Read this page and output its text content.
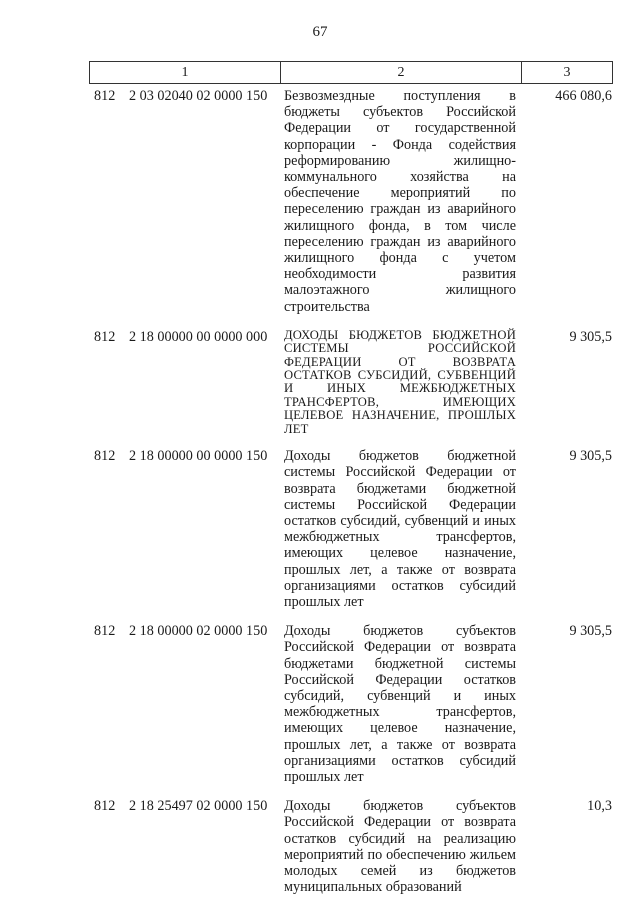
67
1	2	3
812 2 03 02040 02 0000 150 Безвозмездные поступления в бюджеты субъектов Российской Федерации от государственной корпорации - Фонда содействия реформированию жилищно-коммунального хозяйства на обеспечение мероприятий по переселению граждан из аварийного жилищного фонда, в том числе переселению граждан из аварийного жилищного фонда с учетом необходимости развития малоэтажного жилищного строительства
466 080,6
812 2 18 00000 00 0000 000 ДОХОДЫ БЮДЖЕТОВ БЮДЖЕТНОЙ СИСТЕМЫ РОССИЙСКОЙ ФЕДЕРАЦИИ ОТ ВОЗВРАТА ОСТАТКОВ СУБСИДИЙ, СУБВЕНЦИЙ И ИНЫХ МЕЖБЮДЖЕТНЫХ ТРАНСФЕРТОВ, ИМЕЮЩИХ ЦЕЛЕВОЕ НАЗНАЧЕНИЕ, ПРОШЛЫХ ЛЕТ
9 305,5
812 2 18 00000 00 0000 150 Доходы бюджетов бюджетной системы Российской Федерации от возврата бюджетами бюджетной системы Российской Федерации остатков субсидий, субвенций и иных межбюджетных трансфертов, имеющих целевое назначение, прошлых лет, а также от возврата организациями остатков субсидий прошлых лет
9 305,5
812 2 18 00000 02 0000 150 Доходы бюджетов субъектов Российской Федерации от возврата бюджетами бюджетной системы Российской Федерации остатков субсидий, субвенций и иных межбюджетных трансфертов, имеющих целевое назначение, прошлых лет, а также от возврата организациями остатков субсидий прошлых лет
9 305,5
812 2 18 25497 02 0000 150 Доходы бюджетов субъектов Российской Федерации от возврата остатков субсидий на реализацию мероприятий по обеспечению жильем молодых семей из бюджетов муниципальных образований
10,3
